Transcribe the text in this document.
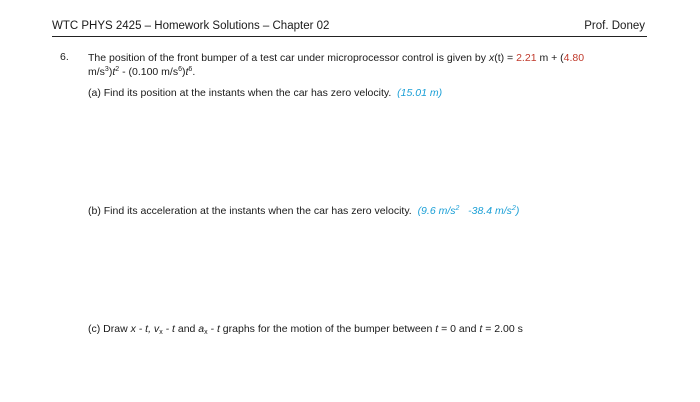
WTC PHYS 2425 – Homework Solutions – Chapter 02	Prof. Doney
6. The position of the front bumper of a test car under microprocessor control is given by x(t) = 2.21 m + (4.80
$m/s^3)t^2 - (0.100$ $m/s^6)t^6$.
(a) Find its position at the instants when the car has zero velocity. (15.01 m)
(b) Find its acceleration at the instants when the car has zero velocity. (9.6 $m/s^2$ -38.4 $m/s^2$)
(c) Draw x - t, $v_x$ - t and $a_x$ - t graphs for the motion of the bumper between t = 0 and t = 2.00 s
